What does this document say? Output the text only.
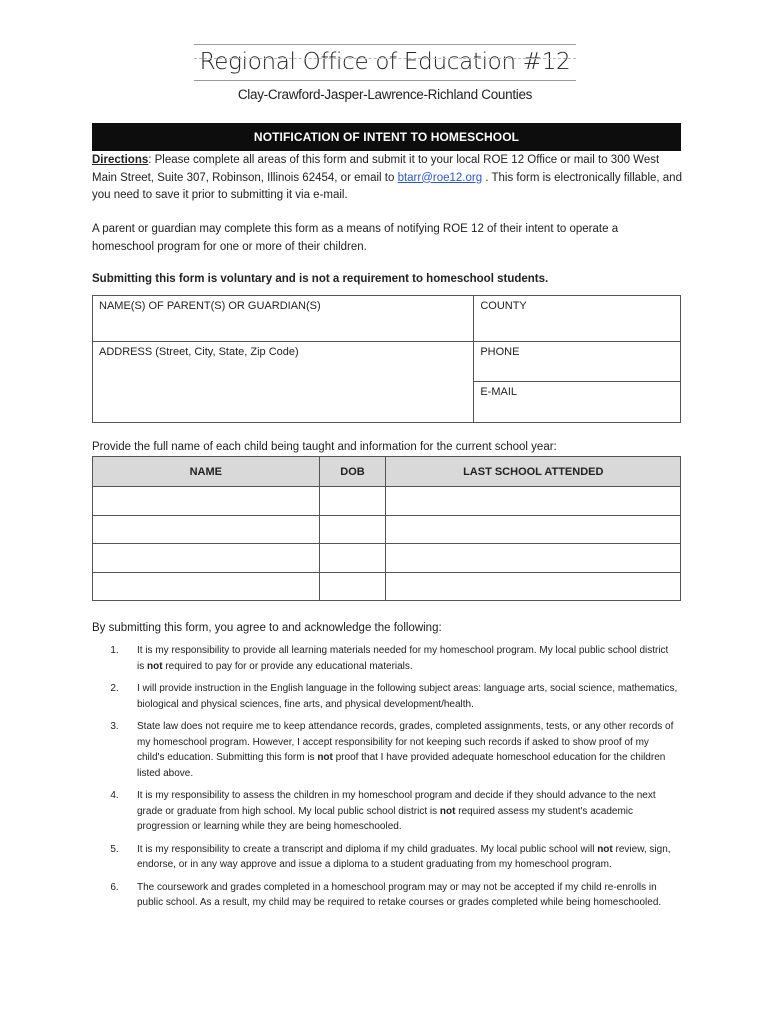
Regional Office of Education #12
Clay-Crawford-Jasper-Lawrence-Richland Counties
NOTIFICATION OF INTENT TO HOMESCHOOL
Directions: Please complete all areas of this form and submit it to your local ROE 12 Office or mail to 300 West Main Street, Suite 307, Robinson, Illinois 62454, or email to btarr@roe12.org . This form is electronically fillable, and you need to save it prior to submitting it via e-mail.
A parent or guardian may complete this form as a means of notifying ROE 12 of their intent to operate a homeschool program for one or more of their children.
Submitting this form is voluntary and is not a requirement to homeschool students.
NAME(S) OF PARENT(S) OR GUARDIAN(S)	COUNTY
ADDRESS (Street, City, State, Zip Code)	PHONE
	E-MAIL
Provide the full name of each child being taught and information for the current school year:
NAME	DOB	LAST SCHOOL ATTENDED

By submitting this form, you agree to and acknowledge the following:
1.	It is my responsibility to provide all learning materials needed for my homeschool program. My local public school district is not required to pay for or provide any educational materials.
2.	I will provide instruction in the English language in the following subject areas: language arts, social science, mathematics, biological and physical sciences, fine arts, and physical development/health.
3.	State law does not require me to keep attendance records, grades, completed assignments, tests, or any other records of my homeschool program. However, I accept responsibility for not keeping such records if asked to show proof of my child's education. Submitting this form is not proof that I have provided adequate homeschool education for the children listed above.
4.	It is my responsibility to assess the children in my homeschool program and decide if they should advance to the next grade or graduate from high school. My local public school district is not required assess my student's academic progression or learning while they are being homeschooled.
5.	It is my responsibility to create a transcript and diploma if my child graduates. My local public school will not review, sign, endorse, or in any way approve and issue a diploma to a student graduating from my homeschool program.
6.	The coursework and grades completed in a homeschool program may or may not be accepted if my child re-enrolls in public school. As a result, my child may be required to retake courses or grades completed while being homeschooled.
